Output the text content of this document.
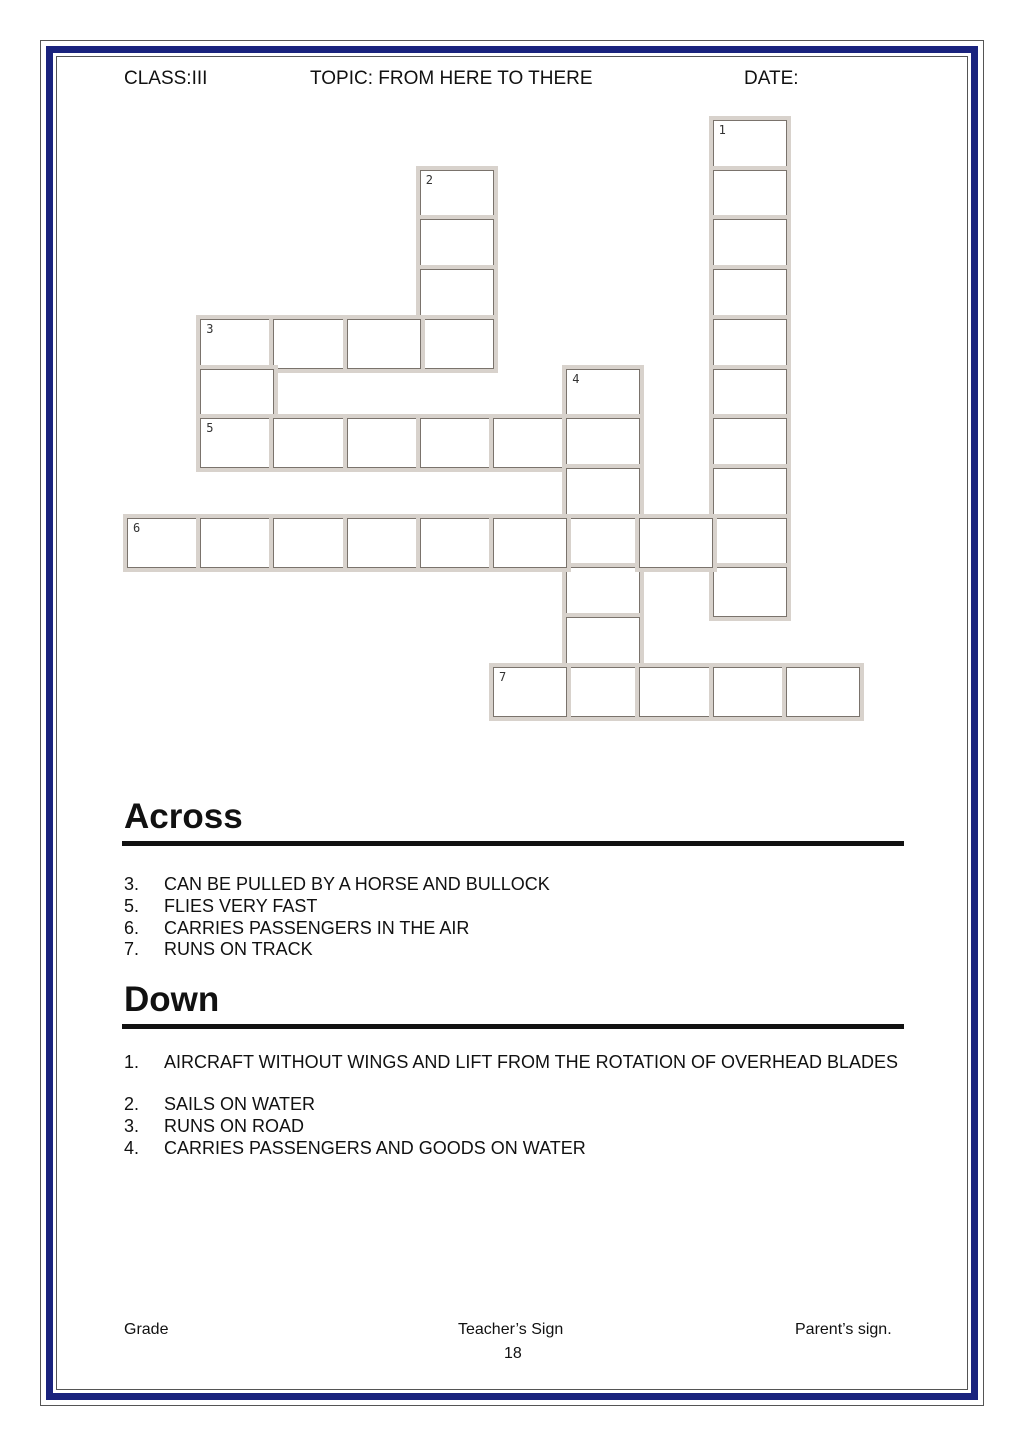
CLASS:III	TOPIC: FROM HERE TO THERE	DATE:
1
2
3
5
4
6
7
Across
3. CAN BE PULLED BY A HORSE AND BULLOCK
5. FLIES VERY FAST
6. CARRIES PASSENGERS IN THE AIR
7. RUNS ON TRACK
Down
1. AIRCRAFT WITHOUT WINGS AND LIFT FROM THE ROTATION OF OVERHEAD BLADES
2. SAILS ON WATER
3. RUNS ON ROAD
4. CARRIES PASSENGERS AND GOODS ON WATER
Grade	Teacher’s Sign	Parent’s sign.
18
